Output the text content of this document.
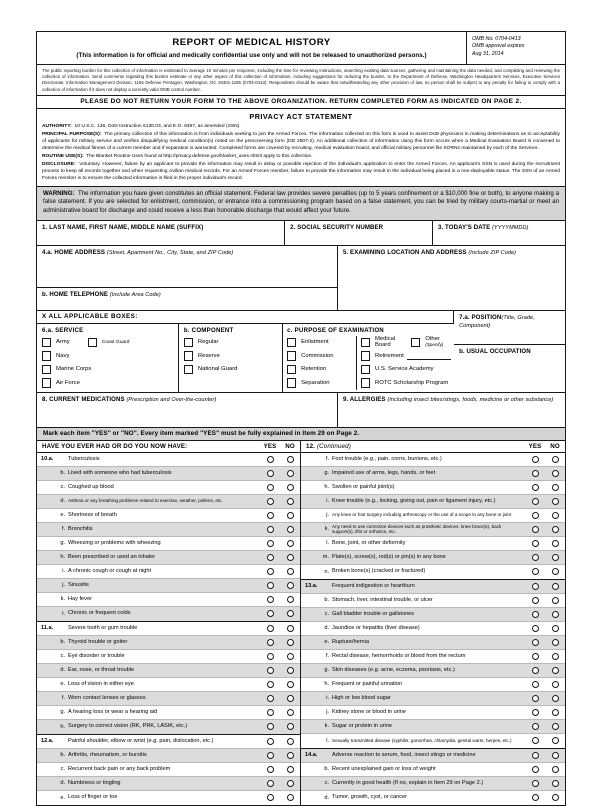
REPORT OF MEDICAL HISTORY
(This information is for official and medically confidential use only and will not be released to unauthorized persons.)
OMB No. 0704-0413
OMB approval expires
Aug 31, 2014
The public reporting burden for this collection of information is estimated to average 10 minutes per response, including the time for reviewing instructions, searching existing data sources, gathering and maintaining the data needed, and completing and reviewing the collection of information. Send comments regarding this burden estimate or any other aspect of this collection of information, including suggestions for reducing the burden, to the Department of Defense, Washington Headquarters Services, Executive Services Directorate, Information Management Division, 1155 Defense Pentagon, Washington, DC 20301-1155 (0704-0413). Respondents should be aware that notwithstanding any other provision of law, no person shall be subject to any penalty for failing to comply with a collection of information if it does not display a currently valid OMB control number.
PLEASE DO NOT RETURN YOUR FORM TO THE ABOVE ORGANIZATION. RETURN COMPLETED FORM AS INDICATED ON PAGE 2.
PRIVACY ACT STATEMENT

AUTHORITY: 10 U.S.C. 136, DoD Instruction 6130.03, and E.O. 9397, as amended (SSN).

PRINCIPAL PURPOSE(S): The primary collection of this information is from individuals seeking to join the Armed Forces. The information collected on this form is used to assist DoD physicians in making determinations as to acceptability of applicants for military service and verifies disqualifying medical condition(s) noted on the prescreening form (DD 2807-2). An additional collection of information using this form occurs when a Medical Evaluation Board is convened to determine the medical fitness of a current member and if separation is warranted. Completed forms are covered by recruiting, medical evaluation board, and official military personnel file SORNs maintained by each of the Services.

ROUTINE USE(S): The Blanket Routine Uses found at http://privacy.defense.gov/blanket_uses.shtml apply to this collection.

DISCLOSURE: Voluntary. However, failure by an applicant to provide the information may result in delay or possible rejection of the individual's application to enter the Armed Forces. An applicant's SSN is used during the recruitment process to keep all records together and when requesting civilian medical records. For an Armed Forces member, failure to provide the information may result in the individual being placed in a non-deployable status. The SSN of an Armed Forces member is to ensure the collected information is filed in the proper individual's record.

WARNING: The information you have given constitutes an official statement. Federal law provides severe penalties (up to 5 years confinement or a $10,000 fine or both), to anyone making a false statement. If you are selected for enlistment, commission, or entrance into a commissioning program based on a false statement, you can be tried by military courts-martial or meet an administrative board for discharge and could receive a less than honorable discharge that would affect your future.
1. LAST NAME, FIRST NAME, MIDDLE NAME (SUFFIX)	2. SOCIAL SECURITY NUMBER	3. TODAY'S DATE (YYYYMMDD)
4.a. HOME ADDRESS (Street, Apartment No., City, State, and ZIP Code)
b. HOME TELEPHONE (Include Area Code)
5. EXAMINING LOCATION AND ADDRESS (Include ZIP Code)
X ALL APPLICABLE BOXES:
6.a. SERVICE
Army	Coast Guard
Navy
Marine Corps
Air Force
b. COMPONENT
Regular
Reserve
National Guard
c. PURPOSE OF EXAMINATION
Enlistment
Commission
Retention
Separation
Medical Board
Other (Specify)
Retirement
U.S. Service Academy
ROTC Scholarship Program
7.a. POSITION(Title, Grade, Component)
b. USUAL OCCUPATION
8. CURRENT MEDICATIONS (Prescription and Over-the-counter)	9. ALLERGIES (Including insect bites/stings, foods, medicine or other substance)
Mark each item "YES" or "NO". Every item marked "YES" must be fully explained in Item 29 on Page 2.
HAVE YOU EVER HAD OR DO YOU NOW HAVE:	YES	NO
10.a.	Tuberculosis
b. Lived with someone who had tuberculosis
c. Coughed up blood
d. Asthma or any breathing problems related to exercise, weather, pollens, etc.
e. Shortness of breath
f. Bronchitis
g. Wheezing or problems with wheezing
h. Been prescribed or used an inhaler
i. A chronic cough or cough at night
j. Sinusitis
k. Hay fever
l. Chronic or frequent colds
11.a.	Severe tooth or gum trouble
b. Thyroid trouble or goiter
c. Eye disorder or trouble
d. Ear, nose, or throat trouble
e. Loss of vision in either eye
f. Worn contact lenses or glasses
g. A hearing loss or wear a hearing aid
h. Surgery to correct vision (RK, PRK, LASIK, etc.)
12.a.	Painful shoulder, elbow or wrist (e.g. pain, dislocation, etc.)
b. Arthritis, rheumatism, or bursitis
c. Recurrent back pain or any back problem
d. Numbness or tingling
e. Loss of finger or toe
12. (Continued)	YES	NO
f. Foot trouble (e.g., pain, corns, bunions, etc.)
g. Impaired use of arms, legs, hands, or feet
h. Swollen or painful joint(s)
i. Knee trouble (e.g., locking, giving out, pain or ligament injury, etc.)
j. Any knee or foot surgery including arthroscopy or the use of a scope to any bone or joint
k. Any need to use corrective devices such as prosthetic devices, knee brace(s), back support(s), lifts or orthotics, etc.
l. Bone, joint, or other deformity
m. Plate(s), screw(s), rod(s) or pin(s) in any bone
n. Broken bone(s) (cracked or fractured)
13.a.	Frequent indigestion or heartburn
b. Stomach, liver, intestinal trouble, or ulcer
c. Gall bladder trouble or gallstones
d. Jaundice or hepatitis (liver disease)
e. Rupture/hernia
f. Rectal disease, hemorrhoids or blood from the rectum
g. Skin diseases (e.g. acne, eczema, psoriasis, etc.)
h. Frequent or painful urination
i. High or low blood sugar
j. Kidney stone or blood in urine
k. Sugar or protein in urine
l. Sexually transmitted disease (syphilis, gonorrhea, chlamydia, genital warts, herpes, etc.)
14.a.	Adverse reaction to serum, food, insect stings or medicine
b. Recent unexplained gain or loss of weight
c. Currently in good health (If no, explain in Item 29 on Page 2.)
d. Tumor, growth, cyst, or cancer
